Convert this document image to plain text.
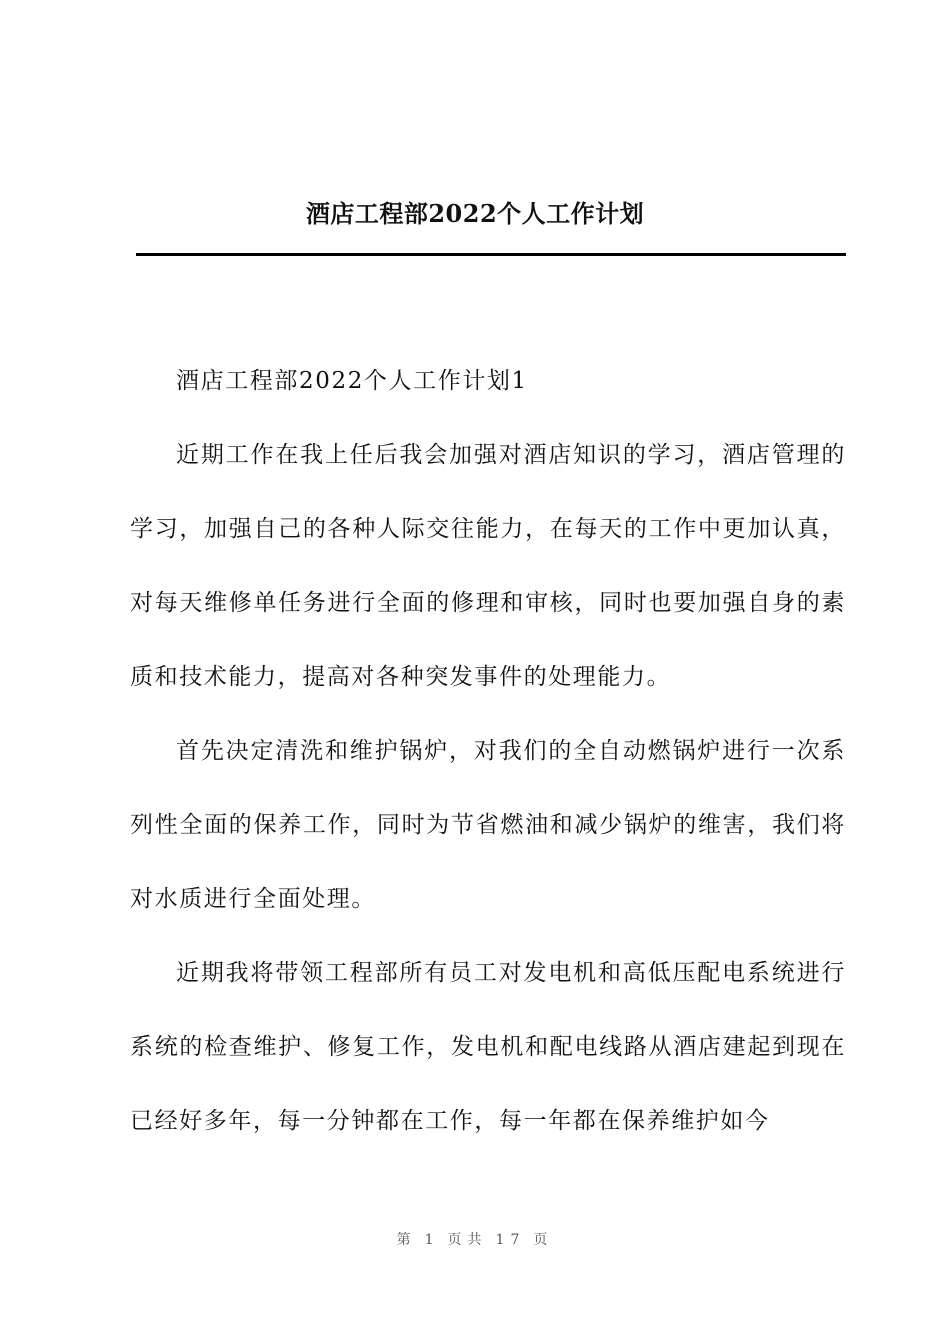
酒店工程部2022个人工作计划

酒店工程部2022个人工作计划1

近期工作在我上任后我会加强对酒店知识的学习，酒店管理的学习，加强自己的各种人际交往能力，在每天的工作中更加认真，对每天维修单任务进行全面的修理和审核，同时也要加强自身的素质和技术能力，提高对各种突发事件的处理能力。

首先决定清洗和维护锅炉，对我们的全自动燃锅炉进行一次系列性全面的保养工作，同时为节省燃油和减少锅炉的维害，我们将对水质进行全面处理。

近期我将带领工程部所有员工对发电机和高低压配电系统进行系统的检查维护、修复工作，发电机和配电线路从酒店建起到现在已经好多年，每一分钟都在工作，每一年都在保养维护如今

第 1 页共 17 页
